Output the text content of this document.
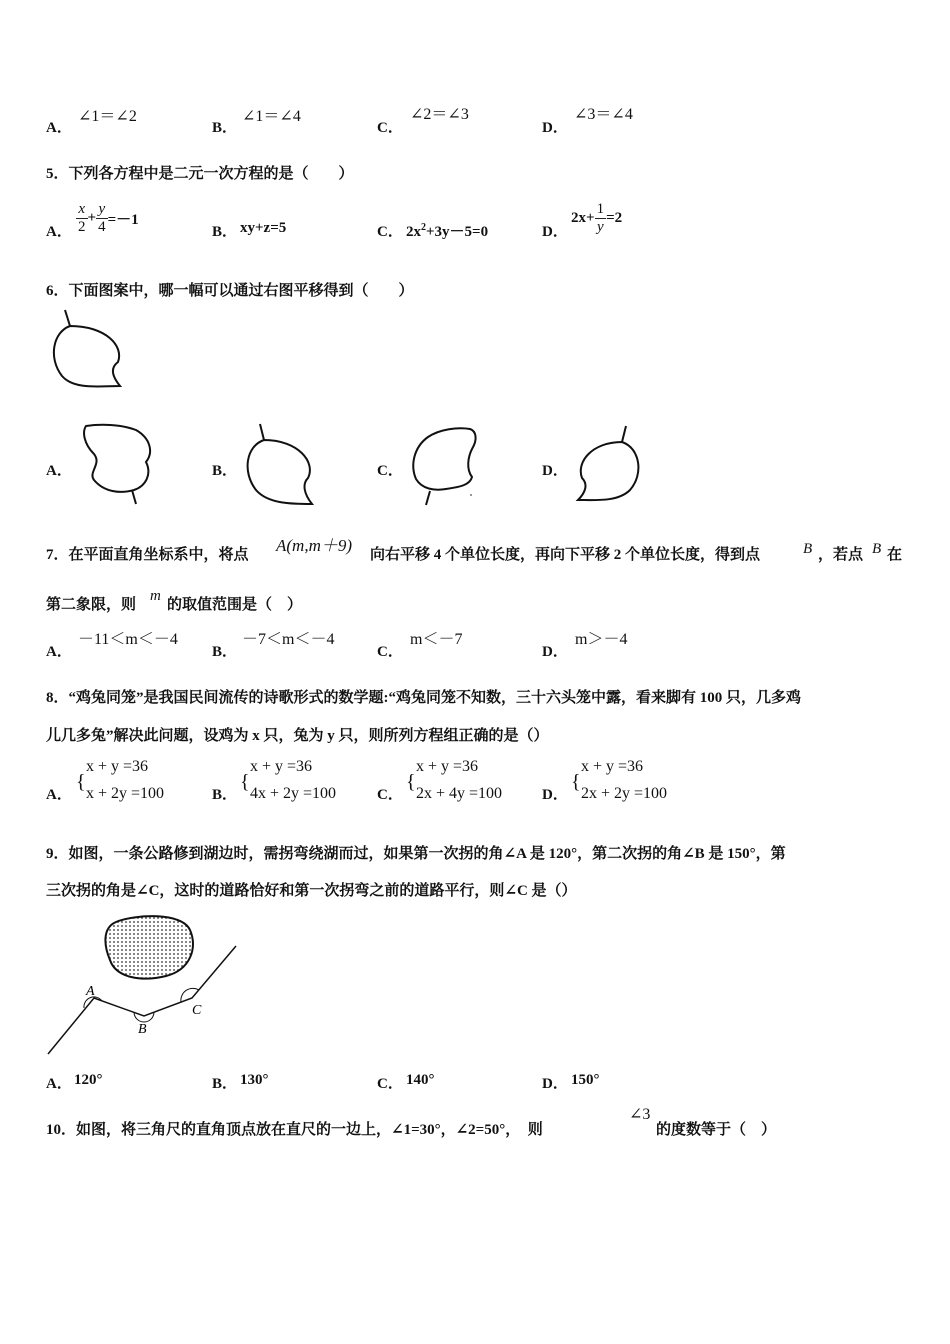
A．
∠1＝∠2
B．
∠1＝∠4
C．
∠2＝∠3
D．
∠3＝∠4
5．下列各方程中是二元一次方程的是（　　）
A． $\frac{x}{2} + \frac{y}{4} =-1$
B． xy+z=5	C． $2x^2+3y-5=0$	D．
$2x+ \frac{1}{y} =2$
6．下面图案中，哪一幅可以通过右图平移得到（　　）
A．	B．	C．	D．
7．在平面直角坐标系中，将点 A(m,m＋9) 向右平移 4 个单位长度，再向下平移 2 个单位长度，得到点	B ，若点 B 在
第二象限，则
m
的取值范围是（　）
A．
－11＜m＜－4
B．
－7＜m＜－4
C．
m＜－7
D．
m＞－4
8．“鸡兔同笼”是我国民间流传的诗歌形式的数学题:“鸡兔同笼不知数，三十六头笼中露，看来脚有 100 只，几多鸡
儿几多兔”解决此问题，设鸡为 x 只，兔为 y 只，则所列方程组正确的是（）
A．
{
x + y =36
x + 2y =100	B．
{
x + y =36
4x + 2y =100	C．
{
x + y =36
2x + 4y =100	D．
{
x + y =36
2x + 2y =100
9．如图，一条公路修到湖边时，需拐弯绕湖而过，如果第一次拐的角∠A 是 120°，第二次拐的角∠B 是 150°，第
三次拐的角是∠C，这时的道路恰好和第一次拐弯之前的道路平行，则∠C 是（）
A
B
C
A． 120°	B． 130°	C． 140°	D． 150°
10．如图，将三角尺的直角顶点放在直尺的一边上，∠1=30°，∠2=50°，　则
∠3
的度数等于（　）
